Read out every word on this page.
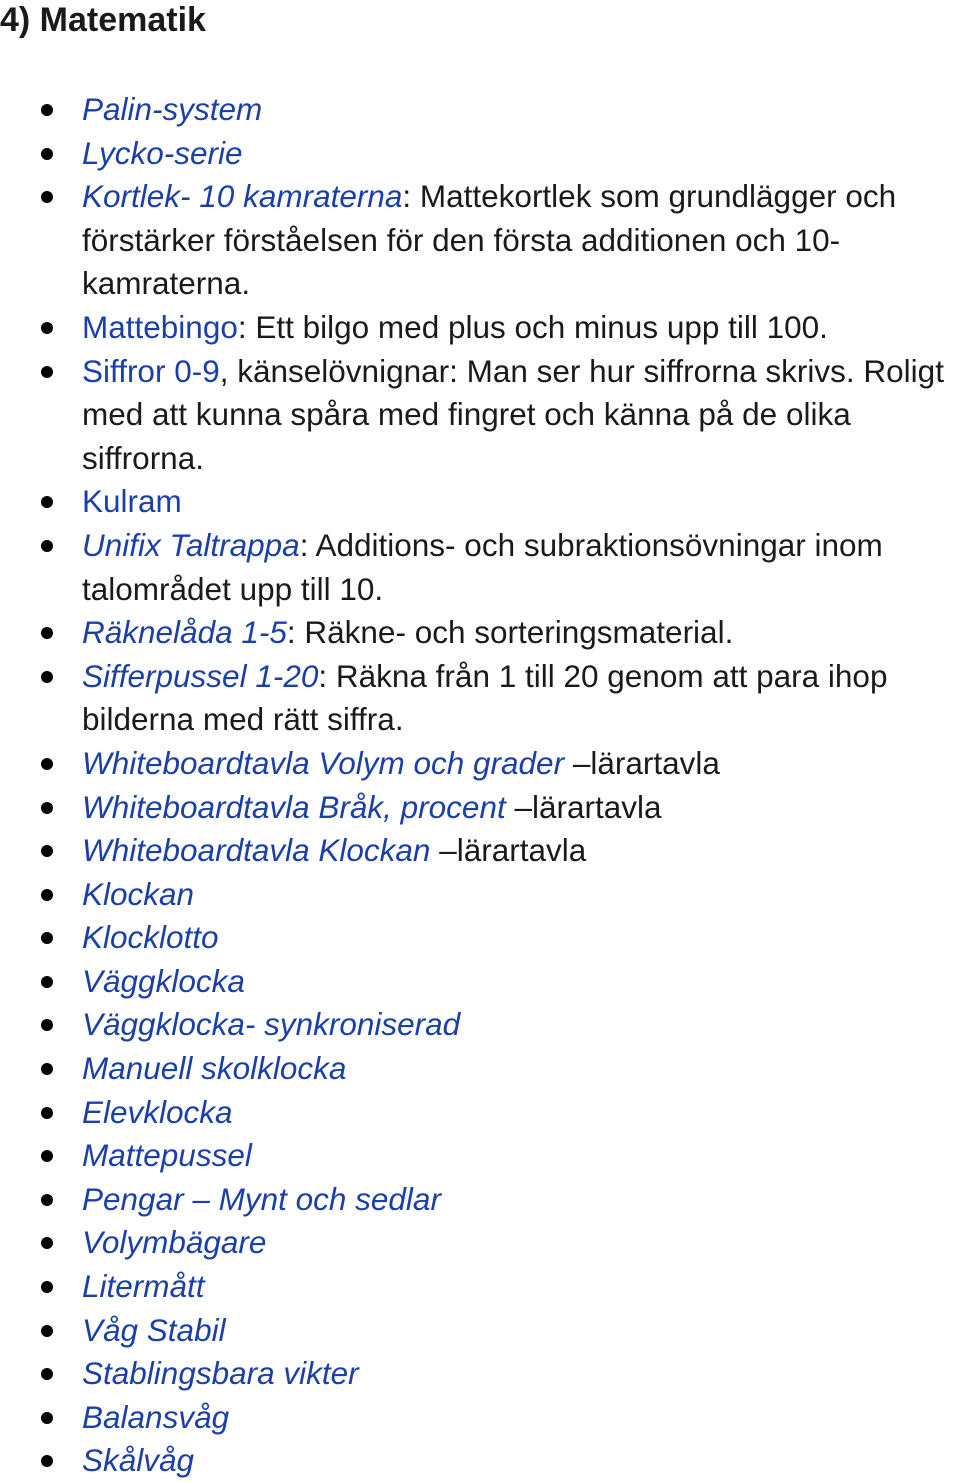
4) Matematik
Palin-system
Lycko-serie
Kortlek- 10 kamraterna: Mattekortlek som grundlägger och förstärker förståelsen för den första additionen och 10-kamraterna.
Mattebingo: Ett bilgo med plus och minus upp till 100.
Siffror 0-9, känselövnignar: Man ser hur siffrorna skrivs. Roligt med att kunna spåra med fingret och känna på de olika siffrorna.
Kulram
Unifix Taltrappa: Additions- och subraktionsövningar inom talområdet upp till 10.
Räknelåda 1-5: Räkne- och sorteringsmaterial.
Sifferpussel 1-20: Räkna från 1 till 20 genom att para ihop bilderna med rätt siffra.
Whiteboardtavla Volym och grader –lärartavla
Whiteboardtavla Bråk, procent –lärartavla
Whiteboardtavla Klockan –lärartavla
Klockan
Klocklotto
Väggklocka
Väggklocka- synkroniserad
Manuell skolklocka
Elevklocka
Mattepussel
Pengar – Mynt och sedlar
Volymbägare
Litermått
Våg Stabil
Stablingsbara vikter
Balansvåg
Skålvåg
